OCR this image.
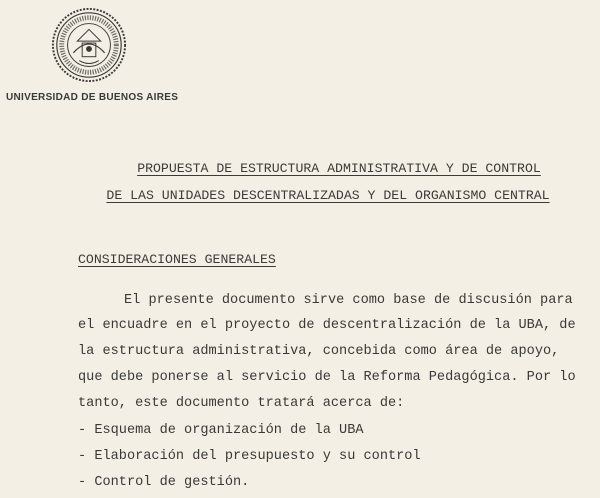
UNIVERSIDAD DE BUENOS AIRES
PROPUESTA DE ESTRUCTURA ADMINISTRATIVA Y DE CONTROL
DE LAS UNIDADES DESCENTRALIZADAS Y DEL ORGANISMO CENTRAL
CONSIDERACIONES GENERALES
El presente documento sirve como base de discusión para
el encuadre en el proyecto de descentralización de la UBA, de
la estructura administrativa, concebida como área de apoyo,
que debe ponerse al servicio de la Reforma Pedagógica. Por lo
tanto, este documento tratará acerca de:
- Esquema de organización de la UBA
- Elaboración del presupuesto y su control
- Control de gestión.
